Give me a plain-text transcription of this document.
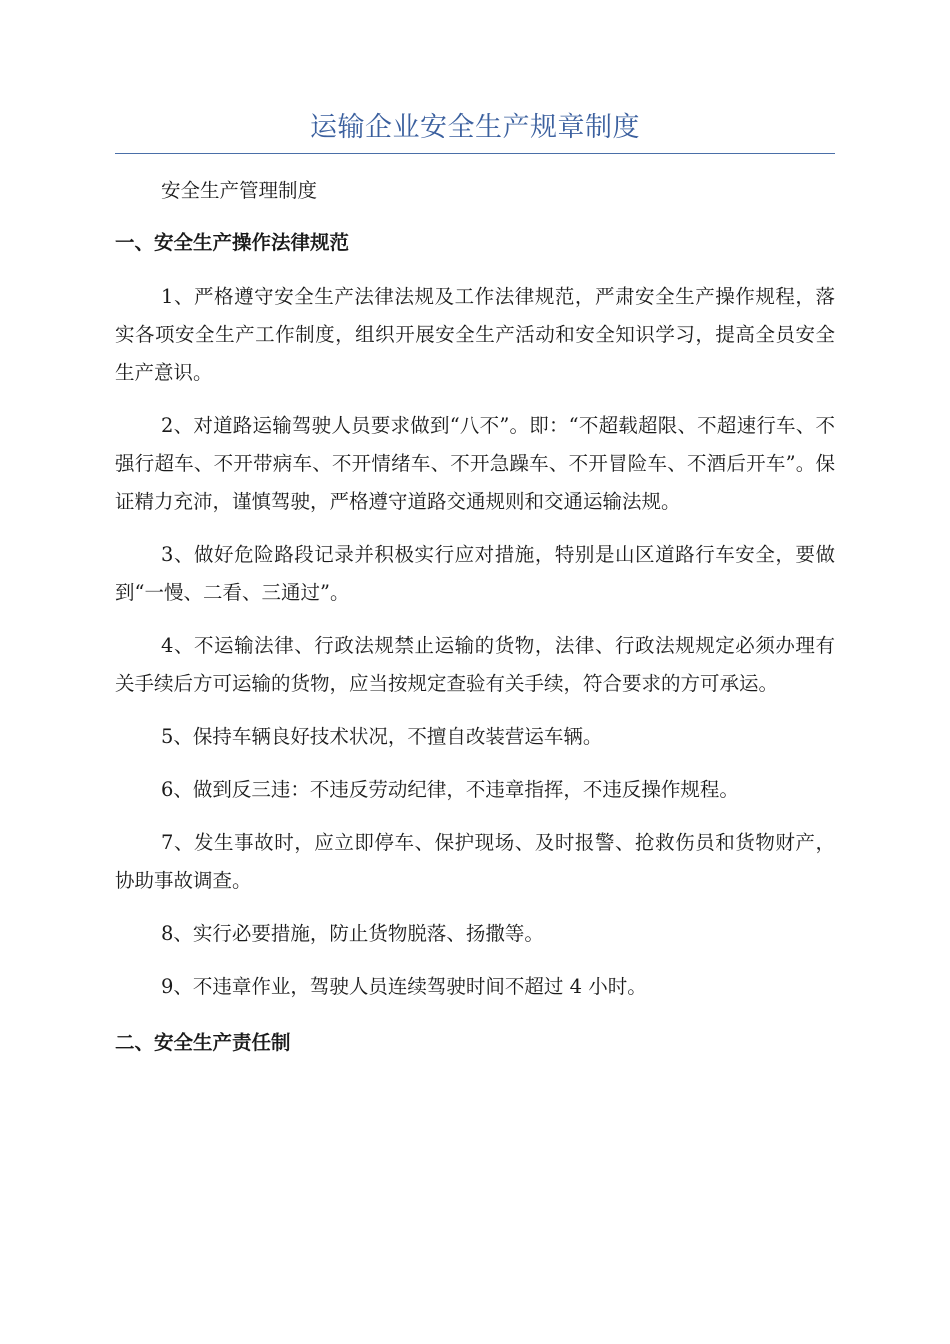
运输企业安全生产规章制度

安全生产管理制度

一、安全生产操作法律规范

1、严格遵守安全生产法律法规及工作法律规范，严肃安全生产操作规程，落实各项安全生产工作制度，组织开展安全生产活动和安全知识学习，提高全员安全生产意识。

2、对道路运输驾驶人员要求做到“八不”。即：“不超载超限、不超速行车、不强行超车、不开带病车、不开情绪车、不开急躁车、不开冒险车、不酒后开车”。保证精力充沛，谨慎驾驶，严格遵守道路交通规则和交通运输法规。

3、做好危险路段记录并积极实行应对措施，特别是山区道路行车安全，要做到“一慢、二看、三通过”。

4、不运输法律、行政法规禁止运输的货物，法律、行政法规规定必须办理有关手续后方可运输的货物，应当按规定查验有关手续，符合要求的方可承运。

5、保持车辆良好技术状况，不擅自改装营运车辆。

6、做到反三违：不违反劳动纪律，不违章指挥，不违反操作规程。

7、发生事故时，应立即停车、保护现场、及时报警、抢救伤员和货物财产，协助事故调查。

8、实行必要措施，防止货物脱落、扬撒等。

9、不违章作业，驾驶人员连续驾驶时间不超过 4 小时。

二、安全生产责任制
